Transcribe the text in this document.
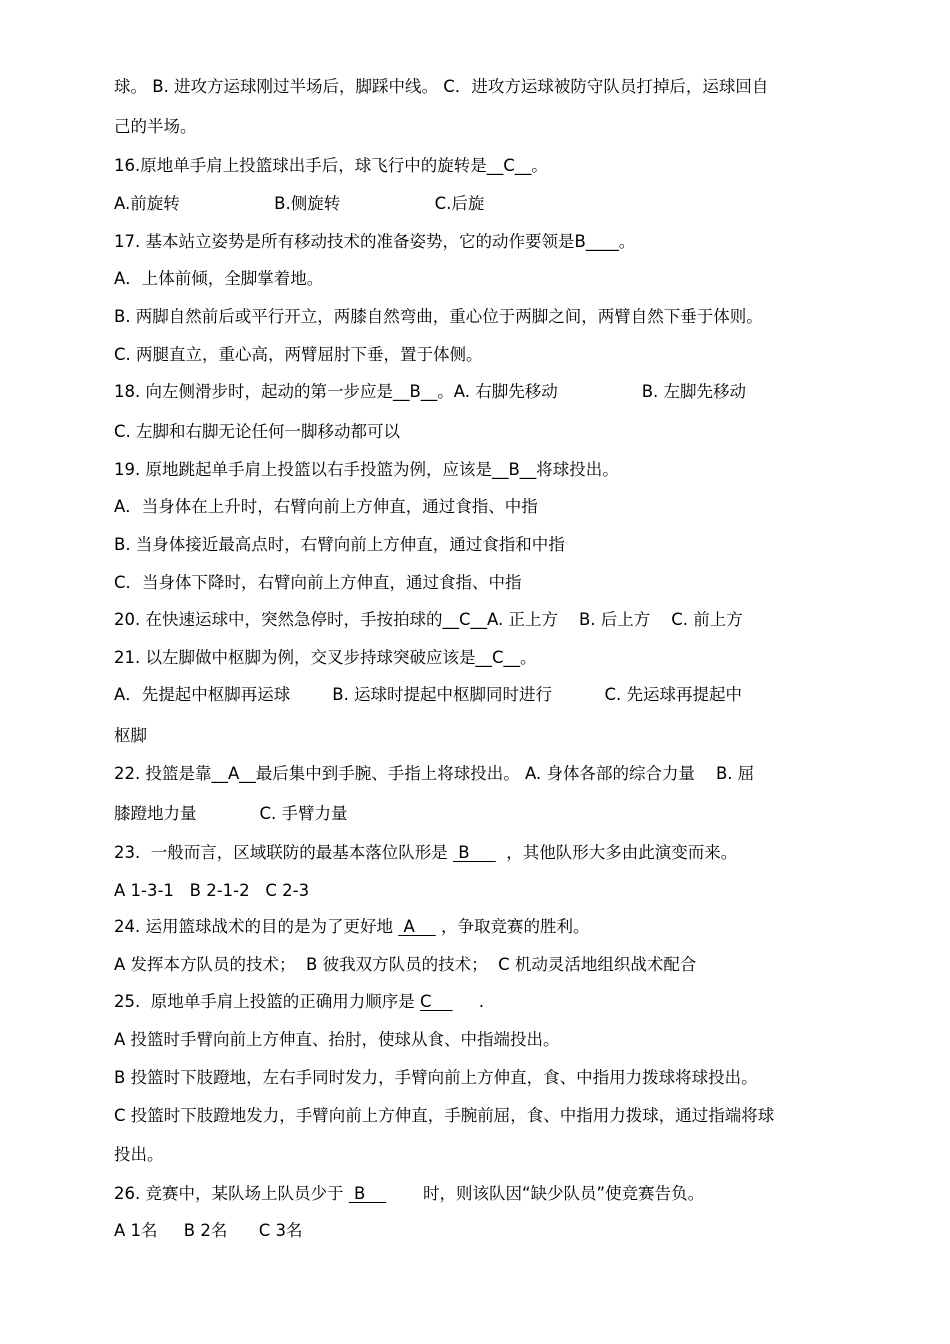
球。 B. 进攻方运球刚过半场后，脚踩中线。 C．进攻方运球被防守队员打掉后，运球回自
己的半场。
16.原地单手肩上投篮球出手后，球飞行中的旋转是__C__。
A.前旋转                  B.侧旋转                  C.后旋
17. 基本站立姿势是所有移动技术的准备姿势，它的动作要领是B____。
A．上体前倾，全脚掌着地。
B. 两脚自然前后或平行开立，两膝自然弯曲，重心位于两脚之间，两臂自然下垂于体则。
C. 两腿直立，重心高，两臂屈肘下垂，置于体侧。
18. 向左侧滑步时，起动的第一步应是__B__。A. 右脚先移动                B. 左脚先移动
C. 左脚和右脚无论任何一脚移动都可以
19. 原地跳起单手肩上投篮以右手投篮为例，应该是__B__将球投出。
A．当身体在上升时，右臂向前上方伸直，通过食指、中指
B. 当身体接近最高点时，右臂向前上方伸直，通过食指和中指
C．当身体下降时，右臂向前上方伸直，通过食指、中指
20. 在快速运球中，突然急停时，手按拍球的__C__A. 正上方    B. 后上方    C. 前上方
21. 以左脚做中枢脚为例，交叉步持球突破应该是__C__。
A．先提起中枢脚再运球        B. 运球时提起中枢脚同时进行          C. 先运球再提起中
枢脚
22. 投篮是靠__A__最后集中到手腕、手指上将球投出。 A. 身体各部的综合力量    B. 屈
膝蹬地力量            C. 手臂力量
23.  一般而言，区域联防的最基本落位队形是  B       ，其他队形大多由此演变而来。
A 1-3-1   B 2-1-2   C 2-3
24. 运用篮球战术的目的是为了更好地  A     ，争取竞赛的胜利。
A 发挥本方队员的技术；  B 彼我双方队员的技术；  C 机动灵活地组织战术配合
25.  原地单手肩上投篮的正确用力顺序是 C         .
A 投篮时手臂向前上方伸直、抬肘，使球从食、中指端投出。
B 投篮时下肢蹬地，左右手同时发力，手臂向前上方伸直，食、中指用力拨球将球投出。
C 投篮时下肢蹬地发力，手臂向前上方伸直，手腕前屈，食、中指用力拨球，通过指端将球
投出。
26. 竞赛中，某队场上队员少于  B           时，则该队因“缺少队员”使竞赛告负。
A 1名     B 2名      C 3名
